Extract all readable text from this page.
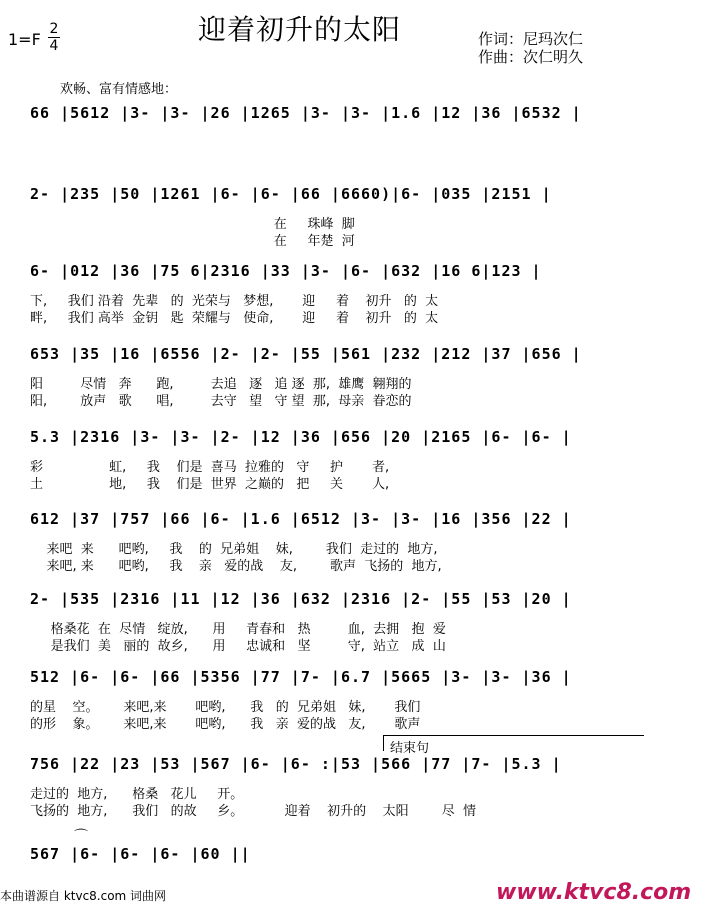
1=F
2
4	迎着初升的太阳	作词：尼玛次仁
作曲：次仁明久
欢畅、富有情感地：
66 |5612 |3- |3- |26 |1265 |3- |3- |1.6 |12 |36 |6532 |
2- |235 |50 |1261 |6- |6- |66 |6660)|6- |035 |2151 |
在     珠峰  脚
在     年楚  河
6- |012 |36 |75 6|2316 |33 |3- |6- |632 |16 6|123 |
下,     我们 沿着  先辈   的  光荣与   梦想,       迎     着    初升   的  太
畔,     我们 高举  金钥   匙  荣耀与   使命,       迎     着    初升   的  太
653 |35 |16 |6556 |2- |2- |55 |561 |232 |212 |37 |656 |
阳         尽情   奔      跑,         去追   逐   追 逐  那,  雄鹰  翱翔的
阳,        放声   歌      唱,         去守   望   守 望  那,  母亲  眷恋的
5.3 |2316 |3- |3- |2- |12 |36 |656 |20 |2165 |6- |6- |
彩                虹,     我    们是  喜马  拉雅的   守     护       者,
土                地,     我    们是  世界  之巅的   把     关       人,
612 |37 |757 |66 |6- |1.6 |6512 |3- |3- |16 |356 |22 |
来吧  来      吧哟,     我    的  兄弟姐    妹,        我们  走过的  地方,
来吧, 来      吧哟,     我    亲   爱的战    友,        歌声  飞扬的  地方,
2- |535 |2316 |11 |12 |36 |632 |2316 |2- |55 |53 |20 |
格桑花  在  尽情   绽放,      用     青春和   热         血,  去拥   抱  爱
是我们  美   丽的  故乡,      用     忠诚和   坚         守,  站立   成  山
512 |6- |6- |66 |5356 |77 |7- |6.7 |5665 |3- |3- |36 |
的星    空。      来吧,来       吧哟,      我   的  兄弟姐   妹,       我们
的形    象。      来吧,来       吧哟,      我   亲  爱的战   友,       歌声
756 |22 |23 |53 |567 |6- |6- :|53 |566 |77 |7- |5.3 |
走过的  地方,      格桑   花儿     开。
飞扬的  地方,      我们   的故     乡。          迎着    初升的    太阳        尽  情
567 |6- |6- |6- |60 ||
结束句
⌒
本曲谱源自 ktvc8.com 词曲网	www.ktvc8.com
